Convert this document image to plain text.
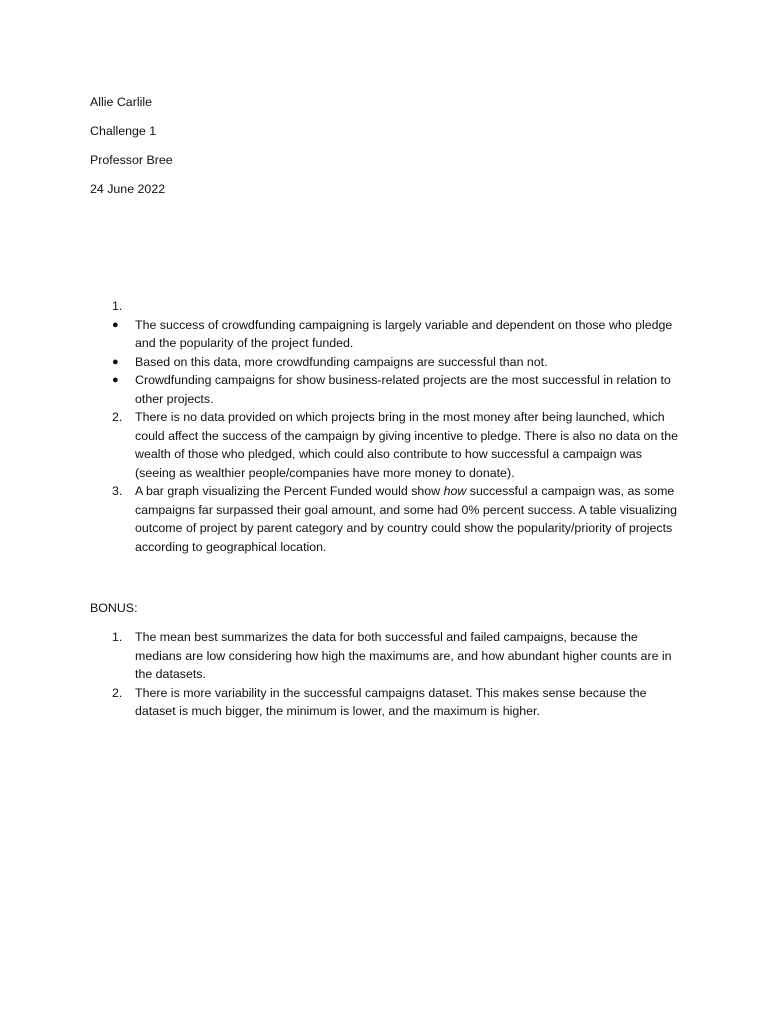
Allie Carlile
Challenge 1
Professor Bree
24 June 2022
1.

●	The success of crowdfunding campaigning is largely variable and dependent on those who pledge and the popularity of the project funded.
●	Based on this data, more crowdfunding campaigns are successful than not.
●	Crowdfunding campaigns for show business-related projects are the most successful in relation to other projects.
2.	There is no data provided on which projects bring in the most money after being launched, which could affect the success of the campaign by giving incentive to pledge. There is also no data on the wealth of those who pledged, which could also contribute to how successful a campaign was (seeing as wealthier people/companies have more money to donate).
3.	A bar graph visualizing the Percent Funded would show how successful a campaign was, as some campaigns far surpassed their goal amount, and some had 0% percent success. A table visualizing outcome of project by parent category and by country could show the popularity/priority of projects according to geographical location.
BONUS:
1.	The mean best summarizes the data for both successful and failed campaigns, because the medians are low considering how high the maximums are, and how abundant higher counts are in the datasets.
2.	There is more variability in the successful campaigns dataset. This makes sense because the dataset is much bigger, the minimum is lower, and the maximum is higher.
